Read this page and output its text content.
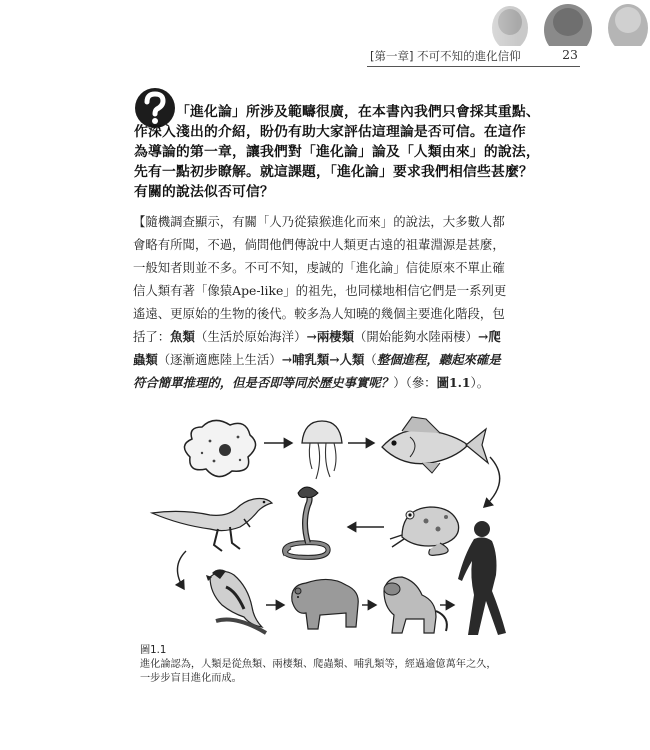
[第一章] 不可不知的進化信仰	23
「進化論」所涉及範疇很廣，在本書內我們只會採其重點、
作深入淺出的介紹，盼仍有助大家評估這理論是否可信。在這作
為導論的第一章，讓我們對「進化論」論及「人類由來」的說法，
先有一點初步瞭解。就這課題，「進化論」要求我們相信些甚麼？
有關的說法似否可信？
【隨機調查顯示，有關「人乃從猿猴進化而來」的說法，大多數人都
會略有所聞，不過，倘問他們傳說中人類更古遠的祖輩淵源是甚麼，
一般知者則並不多。不可不知，虔誠的「進化論」信徒原來不單止確
信人類有著「像猿Ape-like」的祖先，也同樣地相信它們是一系列更
遙遠、更原始的生物的後代。較多為人知曉的幾個主要進化階段，包
括了：魚類（生活於原始海洋）→兩棲類（開始能夠水陸兩棲）→爬
蟲類（逐漸適應陸上生活）→哺乳類→人類（整個進程，聽起來確是
符合簡單推理的，但是否即等同於歷史事實呢？）（參：圖1.1）。
圖1.1
進化論認為，人類是從魚類、兩棲類、爬蟲類、哺乳類等，經過逾億萬年之久，
一步步盲目進化而成。
